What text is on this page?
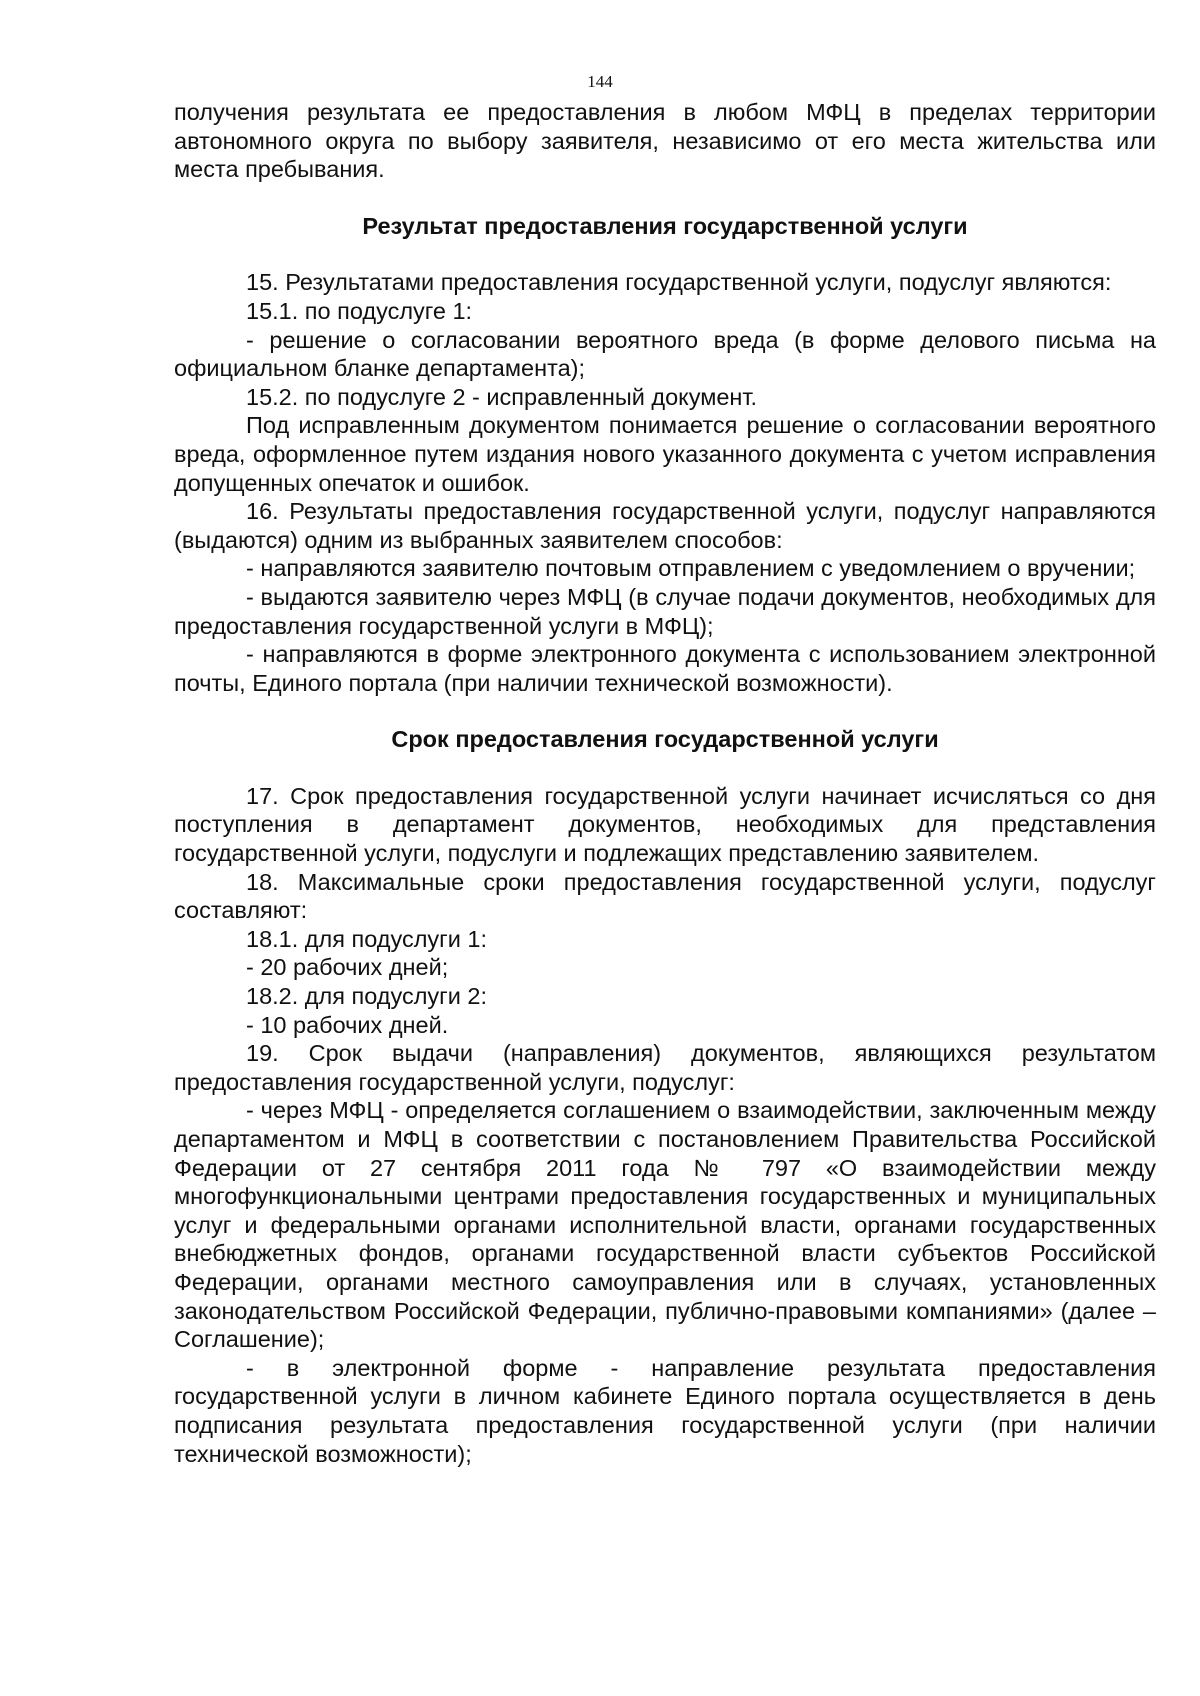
144

получения результата ее предоставления в любом МФЦ в пределах территории автономного округа по выбору заявителя, независимо от его места жительства или места пребывания.

Результат предоставления государственной услуги

15. Результатами предоставления государственной услуги, подуслуг являются:

15.1. по подуслуге 1:

- решение о согласовании вероятного вреда (в форме делового письма на официальном бланке департамента);

15.2. по подуслуге 2 - исправленный документ.

Под исправленным документом понимается решение о согласовании вероятного вреда, оформленное путем издания нового указанного документа с учетом исправления допущенных опечаток и ошибок.

16. Результаты предоставления государственной услуги, подуслуг направляются (выдаются) одним из выбранных заявителем способов:

- направляются заявителю почтовым отправлением с уведомлением о вручении;

- выдаются заявителю через МФЦ (в случае подачи документов, необходимых для предоставления государственной услуги в МФЦ);

- направляются в форме электронного документа с использованием электронной почты, Единого портала (при наличии технической возможности).

Срок предоставления государственной услуги

17. Срок предоставления государственной услуги начинает исчисляться со дня поступления в департамент документов, необходимых для представления государственной услуги, подуслуги и подлежащих представлению заявителем.

18. Максимальные сроки предоставления государственной услуги, подуслуг составляют:

18.1. для подуслуги 1:

- 20 рабочих дней;

18.2. для подуслуги 2:

- 10 рабочих дней.

19. Срок выдачи (направления) документов, являющихся результатом предоставления государственной услуги, подуслуг:

- через МФЦ - определяется соглашением о взаимодействии, заключенным между департаментом и МФЦ в соответствии с постановлением Правительства Российской Федерации от 27 сентября 2011 года № 797 «О взаимодействии между многофункциональными центрами предоставления государственных и муниципальных услуг и федеральными органами исполнительной власти, органами государственных внебюджетных фондов, органами государственной власти субъектов Российской Федерации, органами местного самоуправления или в случаях, установленных законодательством Российской Федерации, публично-правовыми компаниями» (далее – Соглашение);

- в электронной форме - направление результата предоставления государственной услуги в личном кабинете Единого портала осуществляется в день подписания результата предоставления государственной услуги (при наличии технической возможности);
